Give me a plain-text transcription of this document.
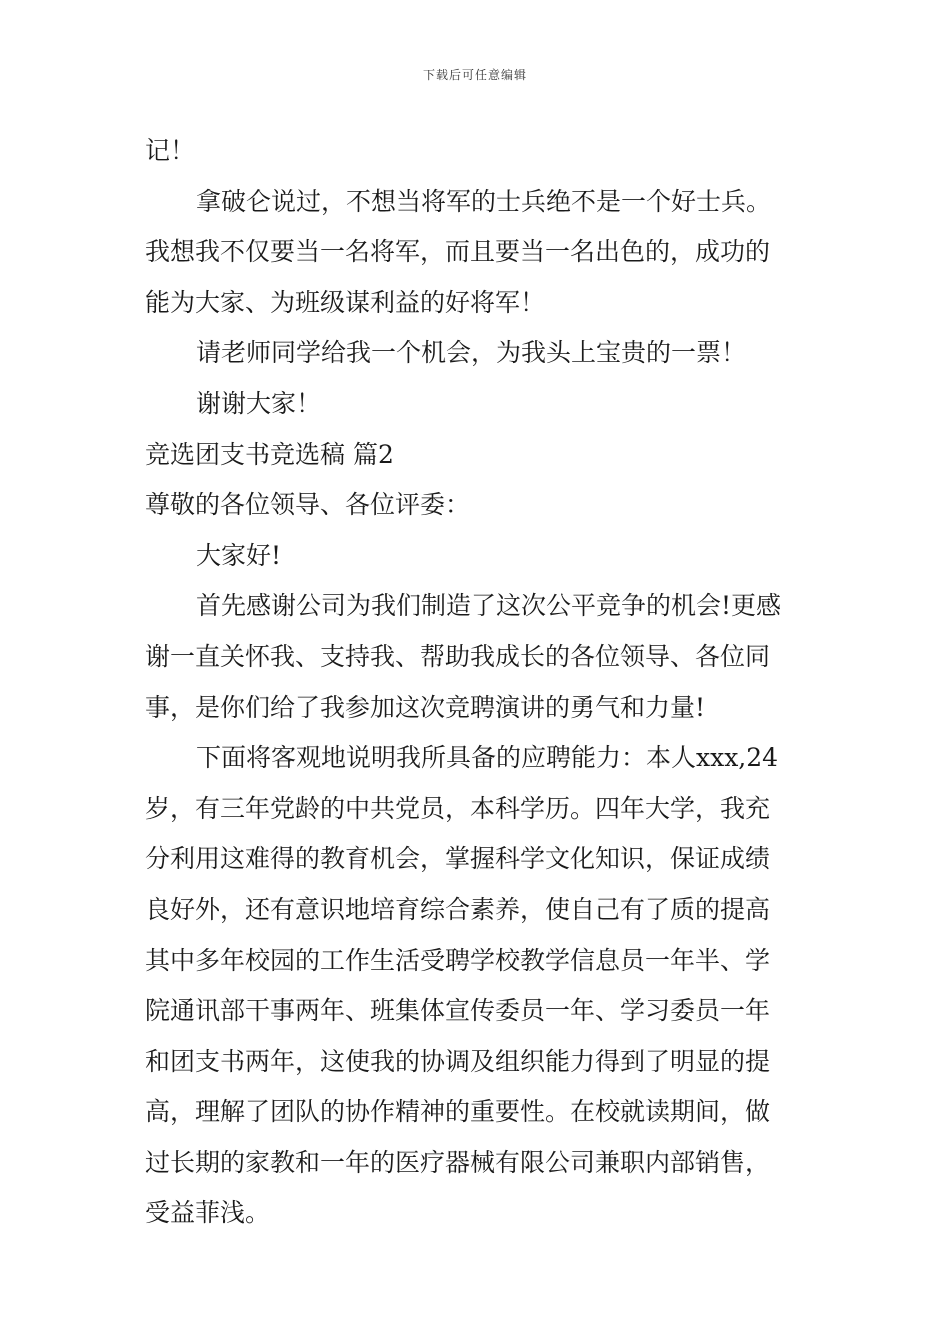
下载后可任意编辑
记！
拿破仑说过，不想当将军的士兵绝不是一个好士兵。
我想我不仅要当一名将军，而且要当一名出色的，成功的
能为大家、为班级谋利益的好将军！
请老师同学给我一个机会，为我头上宝贵的一票！
谢谢大家！
竞选团支书竞选稿 篇2
尊敬的各位领导、各位评委：
大家好!
首先感谢公司为我们制造了这次公平竞争的机会!更感
谢一直关怀我、支持我、帮助我成长的各位领导、各位同
事，是你们给了我参加这次竞聘演讲的勇气和力量!
下面将客观地说明我所具备的应聘能力：本人xxx,24
岁，有三年党龄的中共党员，本科学历。四年大学，我充
分利用这难得的教育机会，掌握科学文化知识，保证成绩
良好外，还有意识地培育综合素养，使自己有了质的提高
其中多年校园的工作生活受聘学校教学信息员一年半、学
院通讯部干事两年、班集体宣传委员一年、学习委员一年
和团支书两年，这使我的协调及组织能力得到了明显的提
高，理解了团队的协作精神的重要性。在校就读期间，做
过长期的家教和一年的医疗器械有限公司兼职内部销售，
受益菲浅。
